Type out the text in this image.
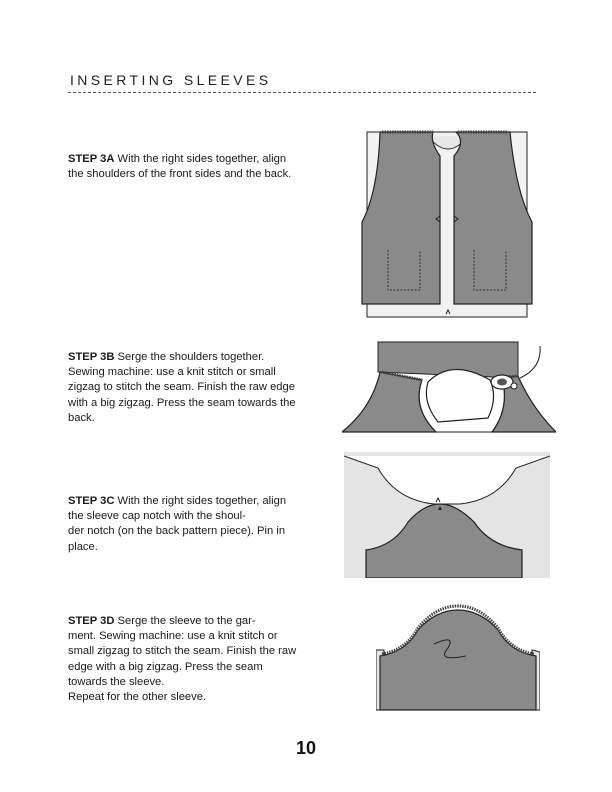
INSERTING SLEEVES
STEP 3A With the right sides together, align the shoulders of the front sides and the back.
STEP 3B Serge the shoulders together. Sewing machine: use a knit stitch or small zigzag to stitch the seam. Finish the raw edge with a big zigzag. Press the seam towards the back.
STEP 3C With the right sides together, align the sleeve cap notch with the shoul-
der notch (on the back pattern piece). Pin in place.
STEP 3D Serge the sleeve to the gar-
ment. Sewing machine: use a knit stitch or small zigzag to stitch the seam. Finish the raw edge with a big zigzag. Press the seam towards the sleeve.
Repeat for the other sleeve.
10
